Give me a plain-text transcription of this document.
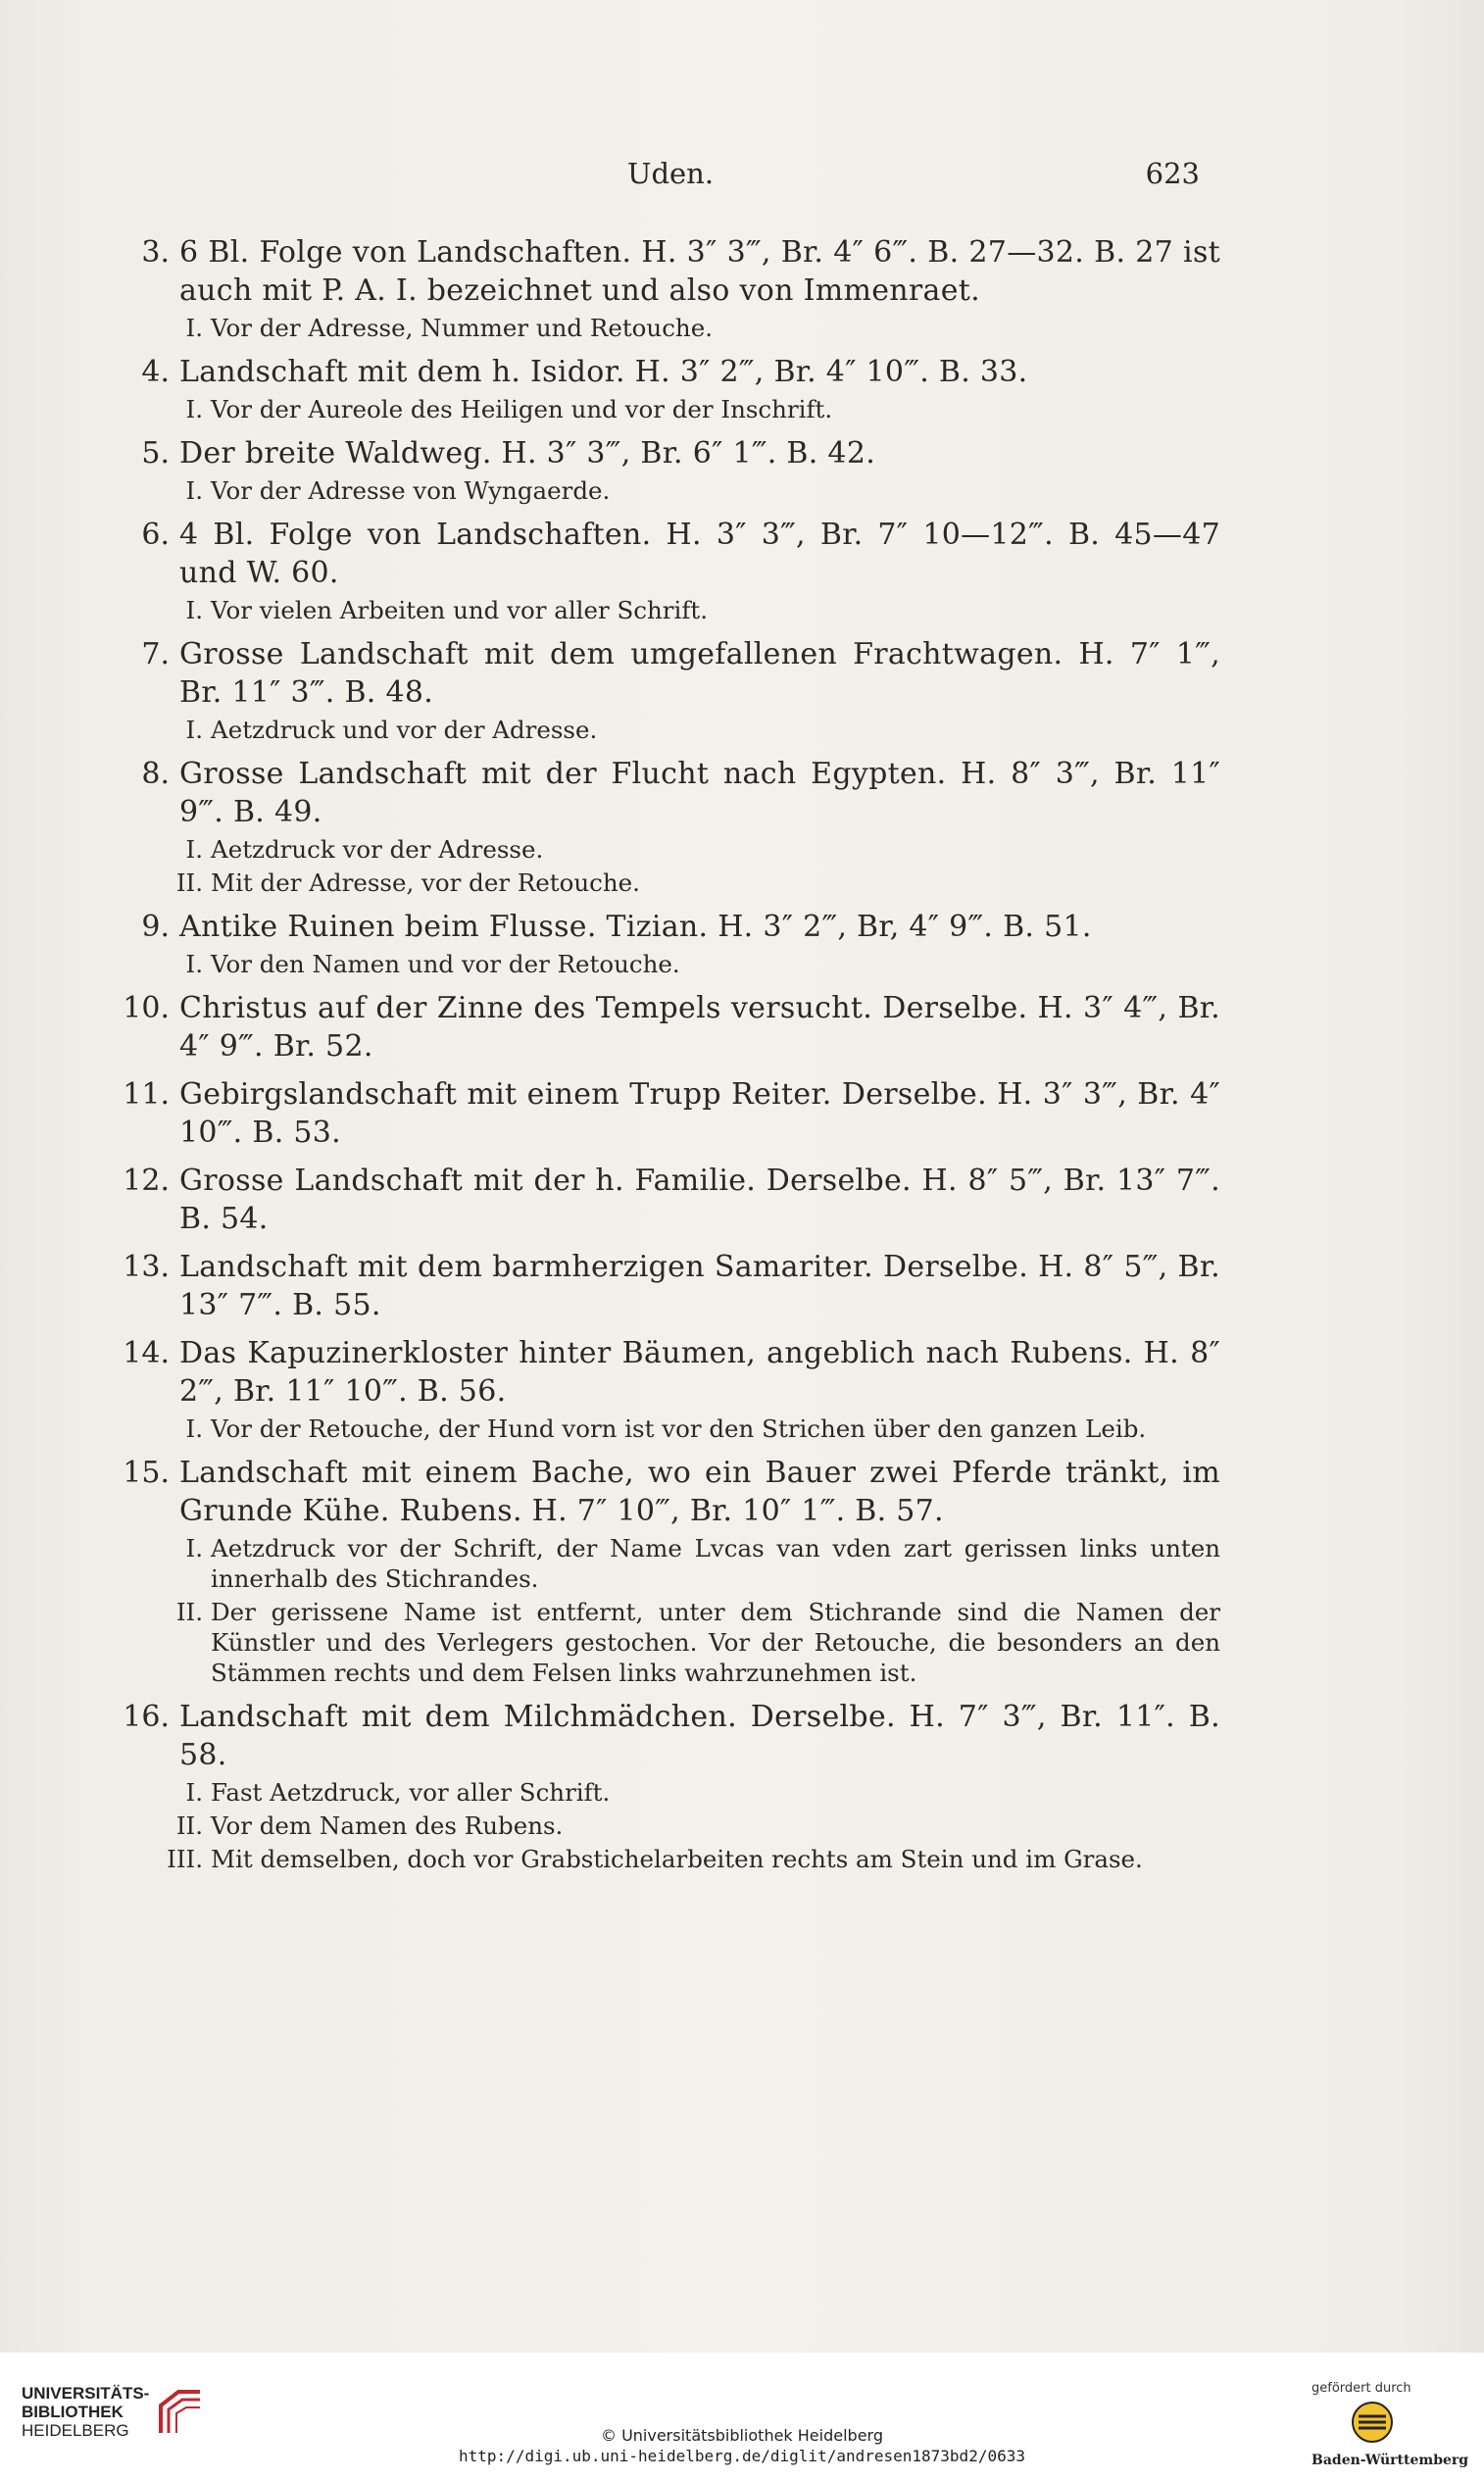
Uden.	623
3. 6 Bl. Folge von Landschaften. H. 3″ 3‴, Br. 4″ 6‴. B. 27—32. B. 27 ist auch mit P. A. I. bezeichnet und also von Immenraet.
I. Vor der Adresse, Nummer und Retouche.
4. Landschaft mit dem h. Isidor. H. 3″ 2‴, Br. 4″ 10‴. B. 33.
I. Vor der Aureole des Heiligen und vor der Inschrift.
5. Der breite Waldweg. H. 3″ 3‴, Br. 6″ 1‴. B. 42.
I. Vor der Adresse von Wyngaerde.
6. 4 Bl. Folge von Landschaften. H. 3″ 3‴, Br. 7″ 10—12‴. B. 45—47 und W. 60.
I. Vor vielen Arbeiten und vor aller Schrift.
7. Grosse Landschaft mit dem umgefallenen Frachtwagen. H. 7″ 1‴, Br. 11″ 3‴. B. 48.
I. Aetzdruck und vor der Adresse.
8. Grosse Landschaft mit der Flucht nach Egypten. H. 8″ 3‴, Br. 11″ 9‴. B. 49.
I. Aetzdruck vor der Adresse.
II. Mit der Adresse, vor der Retouche.
9. Antike Ruinen beim Flusse. Tizian. H. 3″ 2‴, Br, 4″ 9‴. B. 51.
I. Vor den Namen und vor der Retouche.
10. Christus auf der Zinne des Tempels versucht. Derselbe. H. 3″ 4‴, Br. 4″ 9‴. Br. 52.
11. Gebirgslandschaft mit einem Trupp Reiter. Derselbe. H. 3″ 3‴, Br. 4″ 10‴. B. 53.
12. Grosse Landschaft mit der h. Familie. Derselbe. H. 8″ 5‴, Br. 13″ 7‴. B. 54.
13. Landschaft mit dem barmherzigen Samariter. Derselbe. H. 8″ 5‴, Br. 13″ 7‴. B. 55.
14. Das Kapuzinerkloster hinter Bäumen, angeblich nach Rubens. H. 8″ 2‴, Br. 11″ 10‴. B. 56.
I. Vor der Retouche, der Hund vorn ist vor den Strichen über den ganzen Leib.
15. Landschaft mit einem Bache, wo ein Bauer zwei Pferde tränkt, im Grunde Kühe. Rubens. H. 7″ 10‴, Br. 10″ 1‴. B. 57.
I. Aetzdruck vor der Schrift, der Name Lvcas van vden zart gerissen links unten innerhalb des Stichrandes.
II. Der gerissene Name ist entfernt, unter dem Stichrande sind die Namen der Künstler und des Verlegers gestochen. Vor der Retouche, die besonders an den Stämmen rechts und dem Felsen links wahrzunehmen ist.
16. Landschaft mit dem Milchmädchen. Derselbe. H. 7″ 3‴, Br. 11″. B. 58.
I. Fast Aetzdruck, vor aller Schrift.
II. Vor dem Namen des Rubens.
III. Mit demselben, doch vor Grabstichelarbeiten rechts am Stein und im Grase.
UNIVERSITÄTS-
BIBLIOTHEK
HEIDELBERG	© Universitätsbibliothek Heidelberg
http://digi.ub.uni-heidelberg.de/diglit/andresen1873bd2/0633
gefördert durch
Baden-Württemberg
